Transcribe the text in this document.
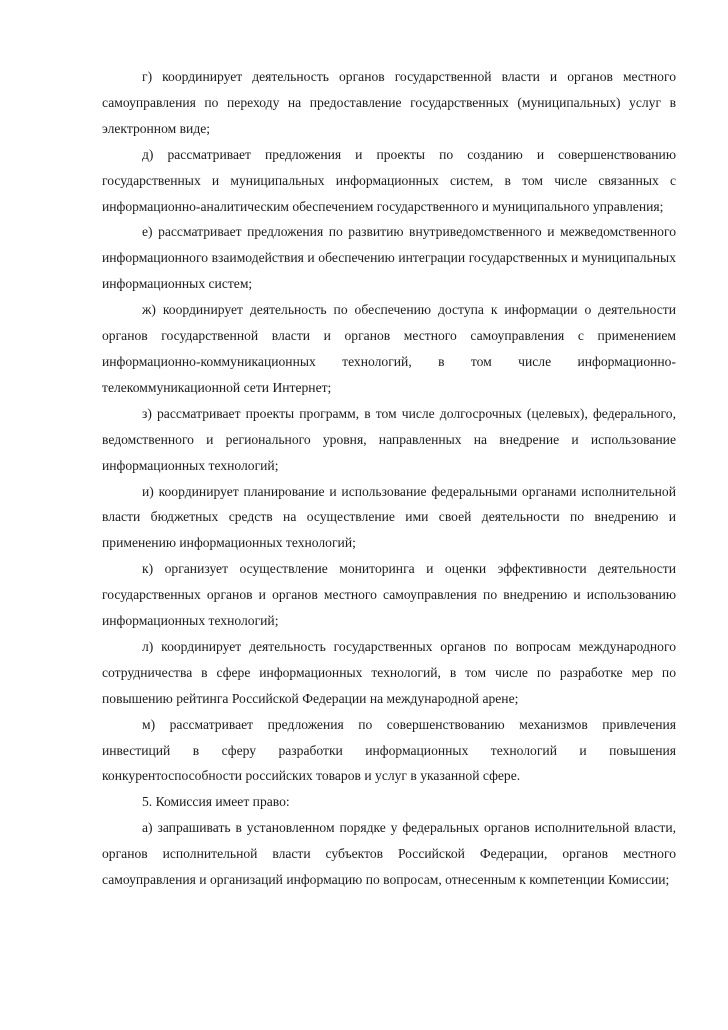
г) координирует деятельность органов государственной власти и органов местного самоуправления по переходу на предоставление государственных (муниципальных) услуг в электронном виде;

д) рассматривает предложения и проекты по созданию и совершенствованию государственных и муниципальных информационных систем, в том числе связанных с информационно-аналитическим обеспечением государственного и муниципального управления;

е) рассматривает предложения по развитию внутриведомственного и межведомственного информационного взаимодействия и обеспечению интеграции государственных и муниципальных информационных систем;

ж) координирует деятельность по обеспечению доступа к информации о деятельности органов государственной власти и органов местного самоуправления с применением информационно-коммуникационных технологий, в том числе информационно-телекоммуникационной сети Интернет;

з) рассматривает проекты программ, в том числе долгосрочных (целевых), федерального, ведомственного и регионального уровня, направленных на внедрение и использование информационных технологий;

и) координирует планирование и использование федеральными органами исполнительной власти бюджетных средств на осуществление ими своей деятельности по внедрению и применению информационных технологий;

к) организует осуществление мониторинга и оценки эффективности деятельности государственных органов и органов местного самоуправления по внедрению и использованию информационных технологий;

л) координирует деятельность государственных органов по вопросам международного сотрудничества в сфере информационных технологий, в том числе по разработке мер по повышению рейтинга Российской Федерации на международной арене;

м) рассматривает предложения по совершенствованию механизмов привлечения инвестиций в сферу разработки информационных технологий и повышения конкурентоспособности российских товаров и услуг в указанной сфере.

5. Комиссия имеет право:

а) запрашивать в установленном порядке у федеральных органов исполнительной власти, органов исполнительной власти субъектов Российской Федерации, органов местного самоуправления и организаций информацию по вопросам, отнесенным к компетенции Комиссии;
